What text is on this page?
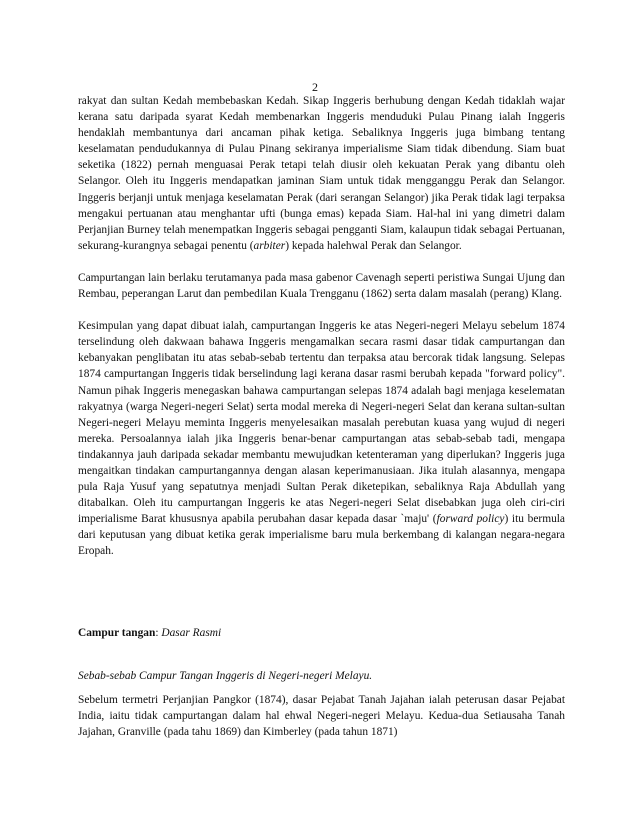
2

rakyat dan sultan Kedah membebaskan Kedah. Sikap Inggeris berhubung dengan Kedah tidaklah wajar kerana satu daripada syarat Kedah membenarkan Inggeris menduduki Pulau Pinang ialah Inggeris hendaklah membantunya dari ancaman pihak ketiga. Sebaliknya Inggeris juga bimbang tentang keselamatan pendudukannya di Pulau Pinang sekiranya imperialisme Siam tidak dibendung. Siam buat seketika (1822) pernah menguasai Perak tetapi telah diusir oleh kekuatan Perak yang dibantu oleh Selangor. Oleh itu Inggeris mendapatkan jaminan Siam untuk tidak mengganggu Perak dan Selangor. Inggeris berjanji untuk menjaga keselamatan Perak (dari serangan Selangor) jika Perak tidak lagi terpaksa mengakui pertuanan atau menghantar ufti (bunga emas) kepada Siam. Hal-hal ini yang dimetri dalam Perjanjian Burney telah menempatkan Inggeris sebagai pengganti Siam, kalaupun tidak sebagai Pertuanan, sekurang-kurangnya sebagai penentu (arbiter) kepada halehwal Perak dan Selangor.

Campurtangan lain berlaku terutamanya pada masa gabenor Cavenagh seperti peristiwa Sungai Ujung dan Rembau, peperangan Larut dan pembedilan Kuala Trengganu (1862) serta dalam masalah (perang) Klang.

Kesimpulan yang dapat dibuat ialah, campurtangan Inggeris ke atas Negeri-negeri Melayu sebelum 1874 terselindung oleh dakwaan bahawa Inggeris mengamalkan secara rasmi dasar tidak campurtangan dan kebanyakan penglibatan itu atas sebab-sebab tertentu dan terpaksa atau bercorak tidak langsung. Selepas 1874 campurtangan Inggeris tidak berselindung lagi kerana dasar rasmi berubah kepada "forward policy". Namun pihak Inggeris menegaskan bahawa campurtangan selepas 1874 adalah bagi menjaga keselematan rakyatnya (warga Negeri-negeri Selat) serta modal mereka di Negeri-negeri Selat dan kerana sultan-sultan Negeri-negeri Melayu meminta Inggeris menyelesaikan masalah perebutan kuasa yang wujud di negeri mereka. Persoalannya ialah jika Inggeris benar-benar campurtangan atas sebab-sebab tadi, mengapa tindakannya jauh daripada sekadar membantu mewujudkan ketenteraman yang diperlukan? Inggeris juga mengaitkan tindakan campurtangannya dengan alasan keperimanusiaan. Jika itulah alasannya, mengapa pula Raja Yusuf yang sepatutnya menjadi Sultan Perak diketepikan, sebaliknya Raja Abdullah yang ditabalkan. Oleh itu campurtangan Inggeris ke atas Negeri-negeri Selat disebabkan juga oleh ciri-ciri imperialisme Barat khususnya apabila perubahan dasar kepada dasar `maju' (forward policy) itu bermula dari keputusan yang dibuat ketika gerak imperialisme baru mula berkembang di kalangan negara-negara Eropah.

Campur tangan: Dasar Rasmi
Sebab-sebab Campur Tangan Inggeris di Negeri-negeri Melayu.

Sebelum termetri Perjanjian Pangkor (1874), dasar Pejabat Tanah Jajahan ialah peterusan dasar Pejabat India, iaitu tidak campurtangan dalam hal ehwal Negeri-negeri Melayu. Kedua-dua Setiausaha Tanah Jajahan, Granville (pada tahu 1869) dan Kimberley (pada tahun 1871)
